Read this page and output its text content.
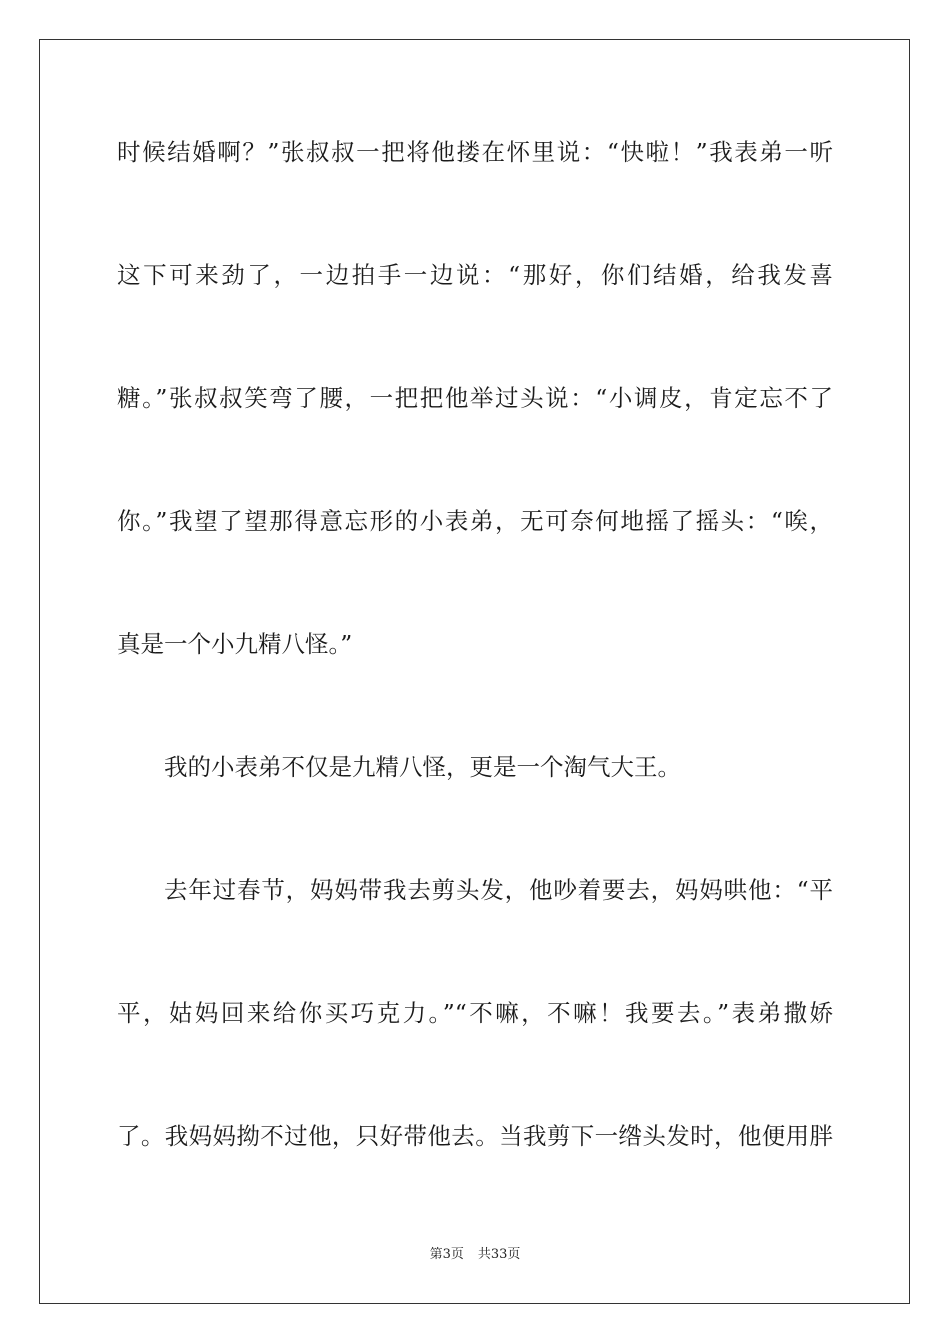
时候结婚啊？”张叔叔一把将他搂在怀里说：“快啦！”我表弟一听
这下可来劲了，一边拍手一边说：“那好，你们结婚，给我发喜
糖。”张叔叔笑弯了腰，一把把他举过头说：“小调皮，肯定忘不了
你。”我望了望那得意忘形的小表弟，无可奈何地摇了摇头：“唉，
真是一个小九精八怪。”
我的小表弟不仅是九精八怪，更是一个淘气大王。
去年过春节，妈妈带我去剪头发，他吵着要去，妈妈哄他：“平
平，姑妈回来给你买巧克力。”“不嘛，不嘛！我要去。”表弟撒娇
了。我妈妈拗不过他，只好带他去。当我剪下一绺头发时，他便用胖
第3页 共33页
